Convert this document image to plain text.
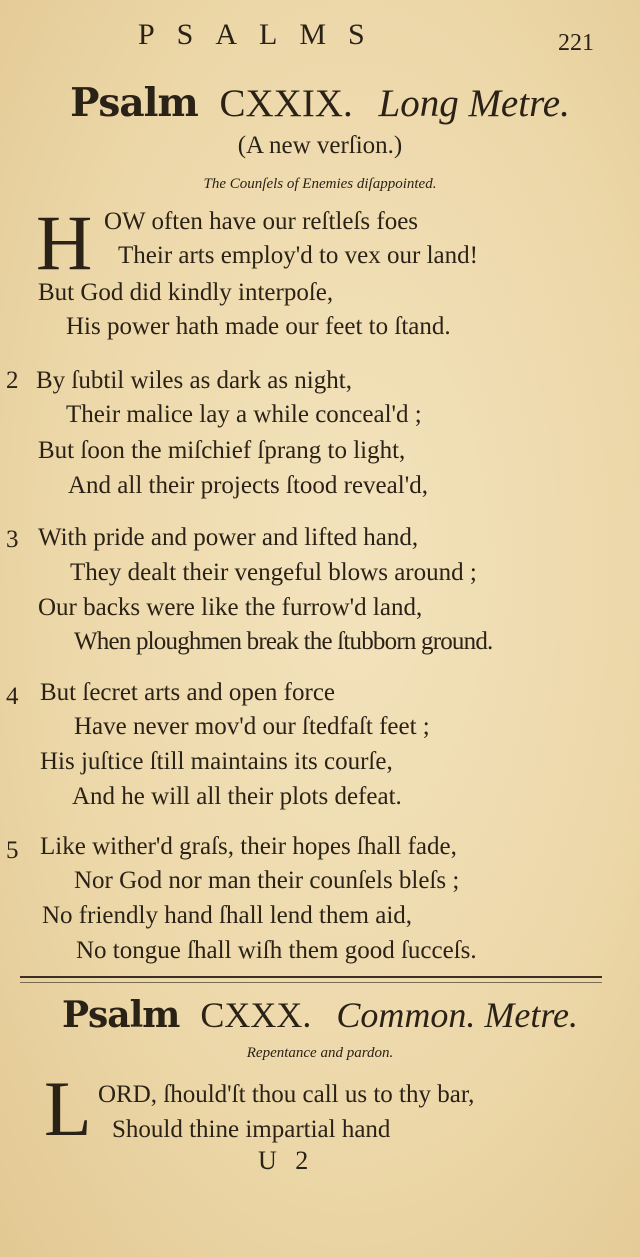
PSALMS	221
Psalm CXXIX. Long Metre.
(A new verſion.)
The Counſels of Enemies diſappointed.
H OW often have our reſtleſs foes
Their arts employ'd to vex our land!
But God did kindly interpoſe,
His power hath made our feet to ſtand.
2 By ſubtil wiles as dark as night,
Their malice lay a while conceal'd ;
But ſoon the miſchief ſprang to light,
And all their projects ſtood reveal'd,
3 With pride and power and lifted hand,
They dealt their vengeful blows around ;
Our backs were like the furrow'd land,
When ploughmen break the ſtubborn ground.
4 But ſecret arts and open force
Have never mov'd our ſtedfaſt feet ;
His juſtice ſtill maintains its courſe,
And he will all their plots defeat.
5 Like wither'd graſs, their hopes ſhall fade,
Nor God nor man their counſels bleſs ;
No friendly hand ſhall lend them aid,
No tongue ſhall wiſh them good ſucceſs.
Psalm CXXX. Common. Metre.
Repentance and pardon.
L ORD, ſhould'ſt thou call us to thy bar,
Should thine impartial hand
U 2
